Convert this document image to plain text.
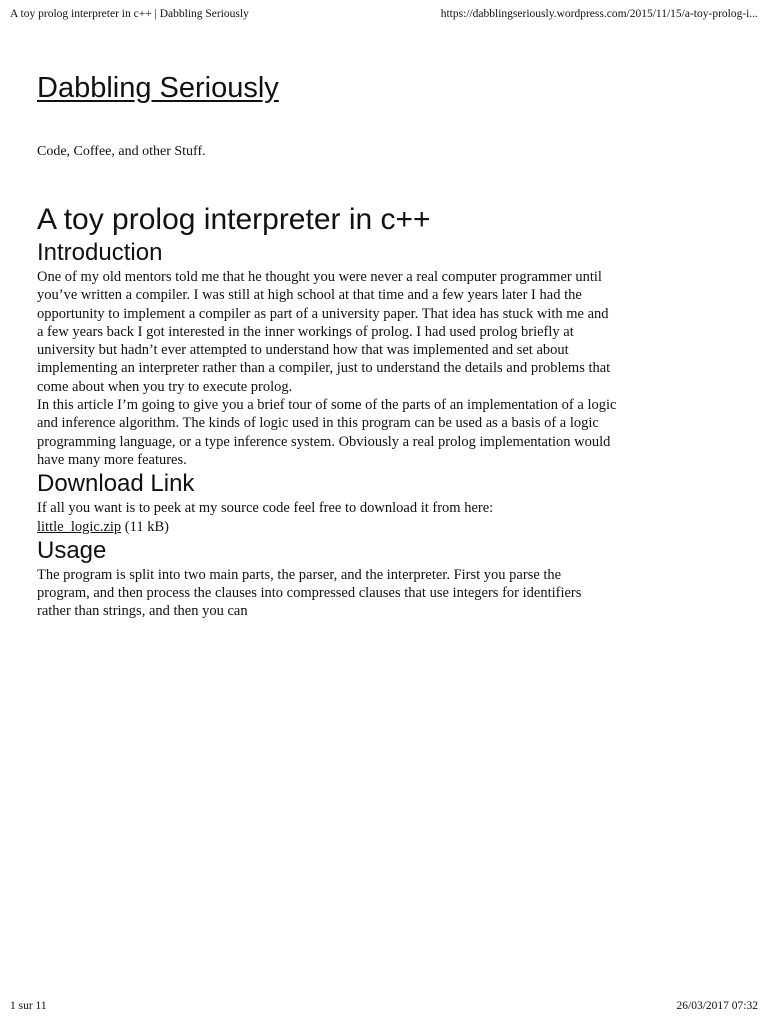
A toy prolog interpreter in c++ | Dabbling Seriously	https://dabblingseriously.wordpress.com/2015/11/15/a-toy-prolog-i...
Dabbling Seriously

Code, Coffee, and other Stuff.

A toy prolog interpreter in c++
Introduction

One of my old mentors told me that he thought you were never a real computer programmer until you’ve written a compiler. I was still at high school at that time and a few years later I had the opportunity to implement a compiler as part of a university paper. That idea has stuck with me and a few years back I got interested in the inner workings of prolog. I had used prolog briefly at university but hadn’t ever attempted to understand how that was implemented and set about implementing an interpreter rather than a compiler, just to understand the details and problems that come about when you try to execute prolog.

In this article I’m going to give you a brief tour of some of the parts of an implementation of a logic and inference algorithm. The kinds of logic used in this program can be used as a basis of a logic programming language, or a type inference system. Obviously a real prolog implementation would have many more features.

Download Link

If all you want is to peek at my source code feel free to download it from here:

little_logic.zip (11 kB)

Usage

The program is split into two main parts, the parser, and the interpreter. First you parse the program, and then process the clauses into compressed clauses that use integers for identifiers rather than strings, and then you can

1 sur 11	26/03/2017 07:32
